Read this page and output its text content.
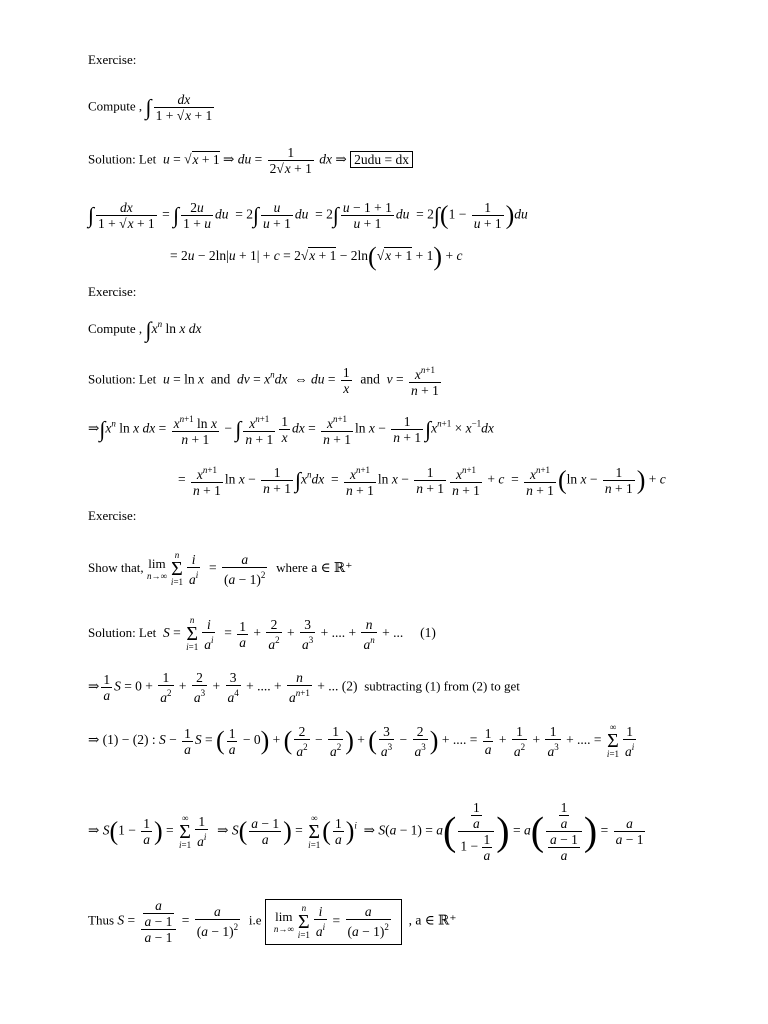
Exercise:
Compute , ∫ $\frac{dx}{1 + √x + 1}$
Solution: Let u = √x + 1 ⇒ du = $\frac{1}{2√x + 1}$ dx ⇒ 2udu = dx
∫ $\frac{dx}{1 + √x + 1}$ = ∫ $\frac{2u}{1 + u}$ du  = $2\int \frac{u}{u + 1}$ du  = $2\int \frac{u - 1 + 1}{u + 1}$ du  = $2\int(1 - \frac{1}{u + 1} )du$
= 2u − 2ln|u + 1| + c = 2√x + 1 − 2ln(√x + 1 + 1) + c
Exercise:
Compute , $\int x^n$ ln x dx
Solution: Let u = ln x  and  dv = $x^ndx$  ⇔ du = $\frac{1}{x}$ and  $v = \frac{x^{n+1}}{n + 1}$
$\Rightarrow\int x^n$ ln x dx = $\frac{x^{n+1} \ln x}{n + 1}$ − ∫ $\frac{x^{n+1}}{n + 1} \frac{1}{x}$ dx = $\frac{x^{n+1}}{n + 1}$ $\ln x - \frac{1}{n + 1} \int x^{n+1} \times x^{-1}dx$
= $\frac{x^{n+1}}{n + 1}$ $\ln x - \frac{1}{n + 1} \int x^ndx = \frac{x^{n+1}}{n + 1}$ $\ln x - \frac{1}{n + 1} \frac{x^{n+1}}{n + 1} + c = \frac{x^{n+1}}{n + 1} (\ln$ $x - \frac{1}{n + 1}$ ) + c
Exercise:
Show that, lim
n→∞n
Σ
$i=1 \frac{i}{a^i} = \frac{a}{(a - 1)^2}$ where a ∈ ℝ⁺
Solution: Let S = n
Σ
$i=1 \frac{i}{a^i} = \frac{1}{a} + \frac{2}{a^2} + \frac{3}{a^3}$ + .... + $\frac{n}{a^n}$ + ...     (1)
⇒ $\frac{1}{a}$ $S = 0 + \frac{1}{a^2} + \frac{2}{a^3} + \frac{3}{a^4}$ + .... + $\frac{n}{a^{n+1}}$ + ... (2) subtracting (1) from (2) to get
⇒ (1) − (2) : $S - \frac{1}{a}$ S = ( $\frac{1}{a} - 0$) + ( $\frac{2}{a^2} - \frac{1}{a^2}$ ) + ( $\frac{3}{a^3} - \frac{2}{a^3}$ ) + .... = $\frac{1}{a} + \frac{1}{a^2} + \frac{1}{a^3}$ + .... = ∞
Σ
$i=1 \frac{1}{a^i}$
⇒ $S(1 - \frac{1}{a}$ ) = ∞
Σ
$i=1 \frac{1}{a^i}$ ⇒ $S( \frac{a - 1}{a}$ ) = ∞
Σ
$i=1( \frac{1}{a} )^i$  ⇒ $S(a - 1) = a( \frac{\frac{1}{a}}{1 - \frac{1}{a}}$ ) = $a( \frac{\frac{1}{a}}{\frac{a - 1}{a}}$ ) = $\frac{a}{a - 1}$
Thus $S = \frac{\frac{a}{a - 1}}{a - 1} = \frac{a}{(a - 1)^2} i.e$ lim
n→∞n
Σ
$i=1 \frac{i}{a^i} = \frac{a}{(a - 1)^2}$ , a ∈ ℝ⁺
